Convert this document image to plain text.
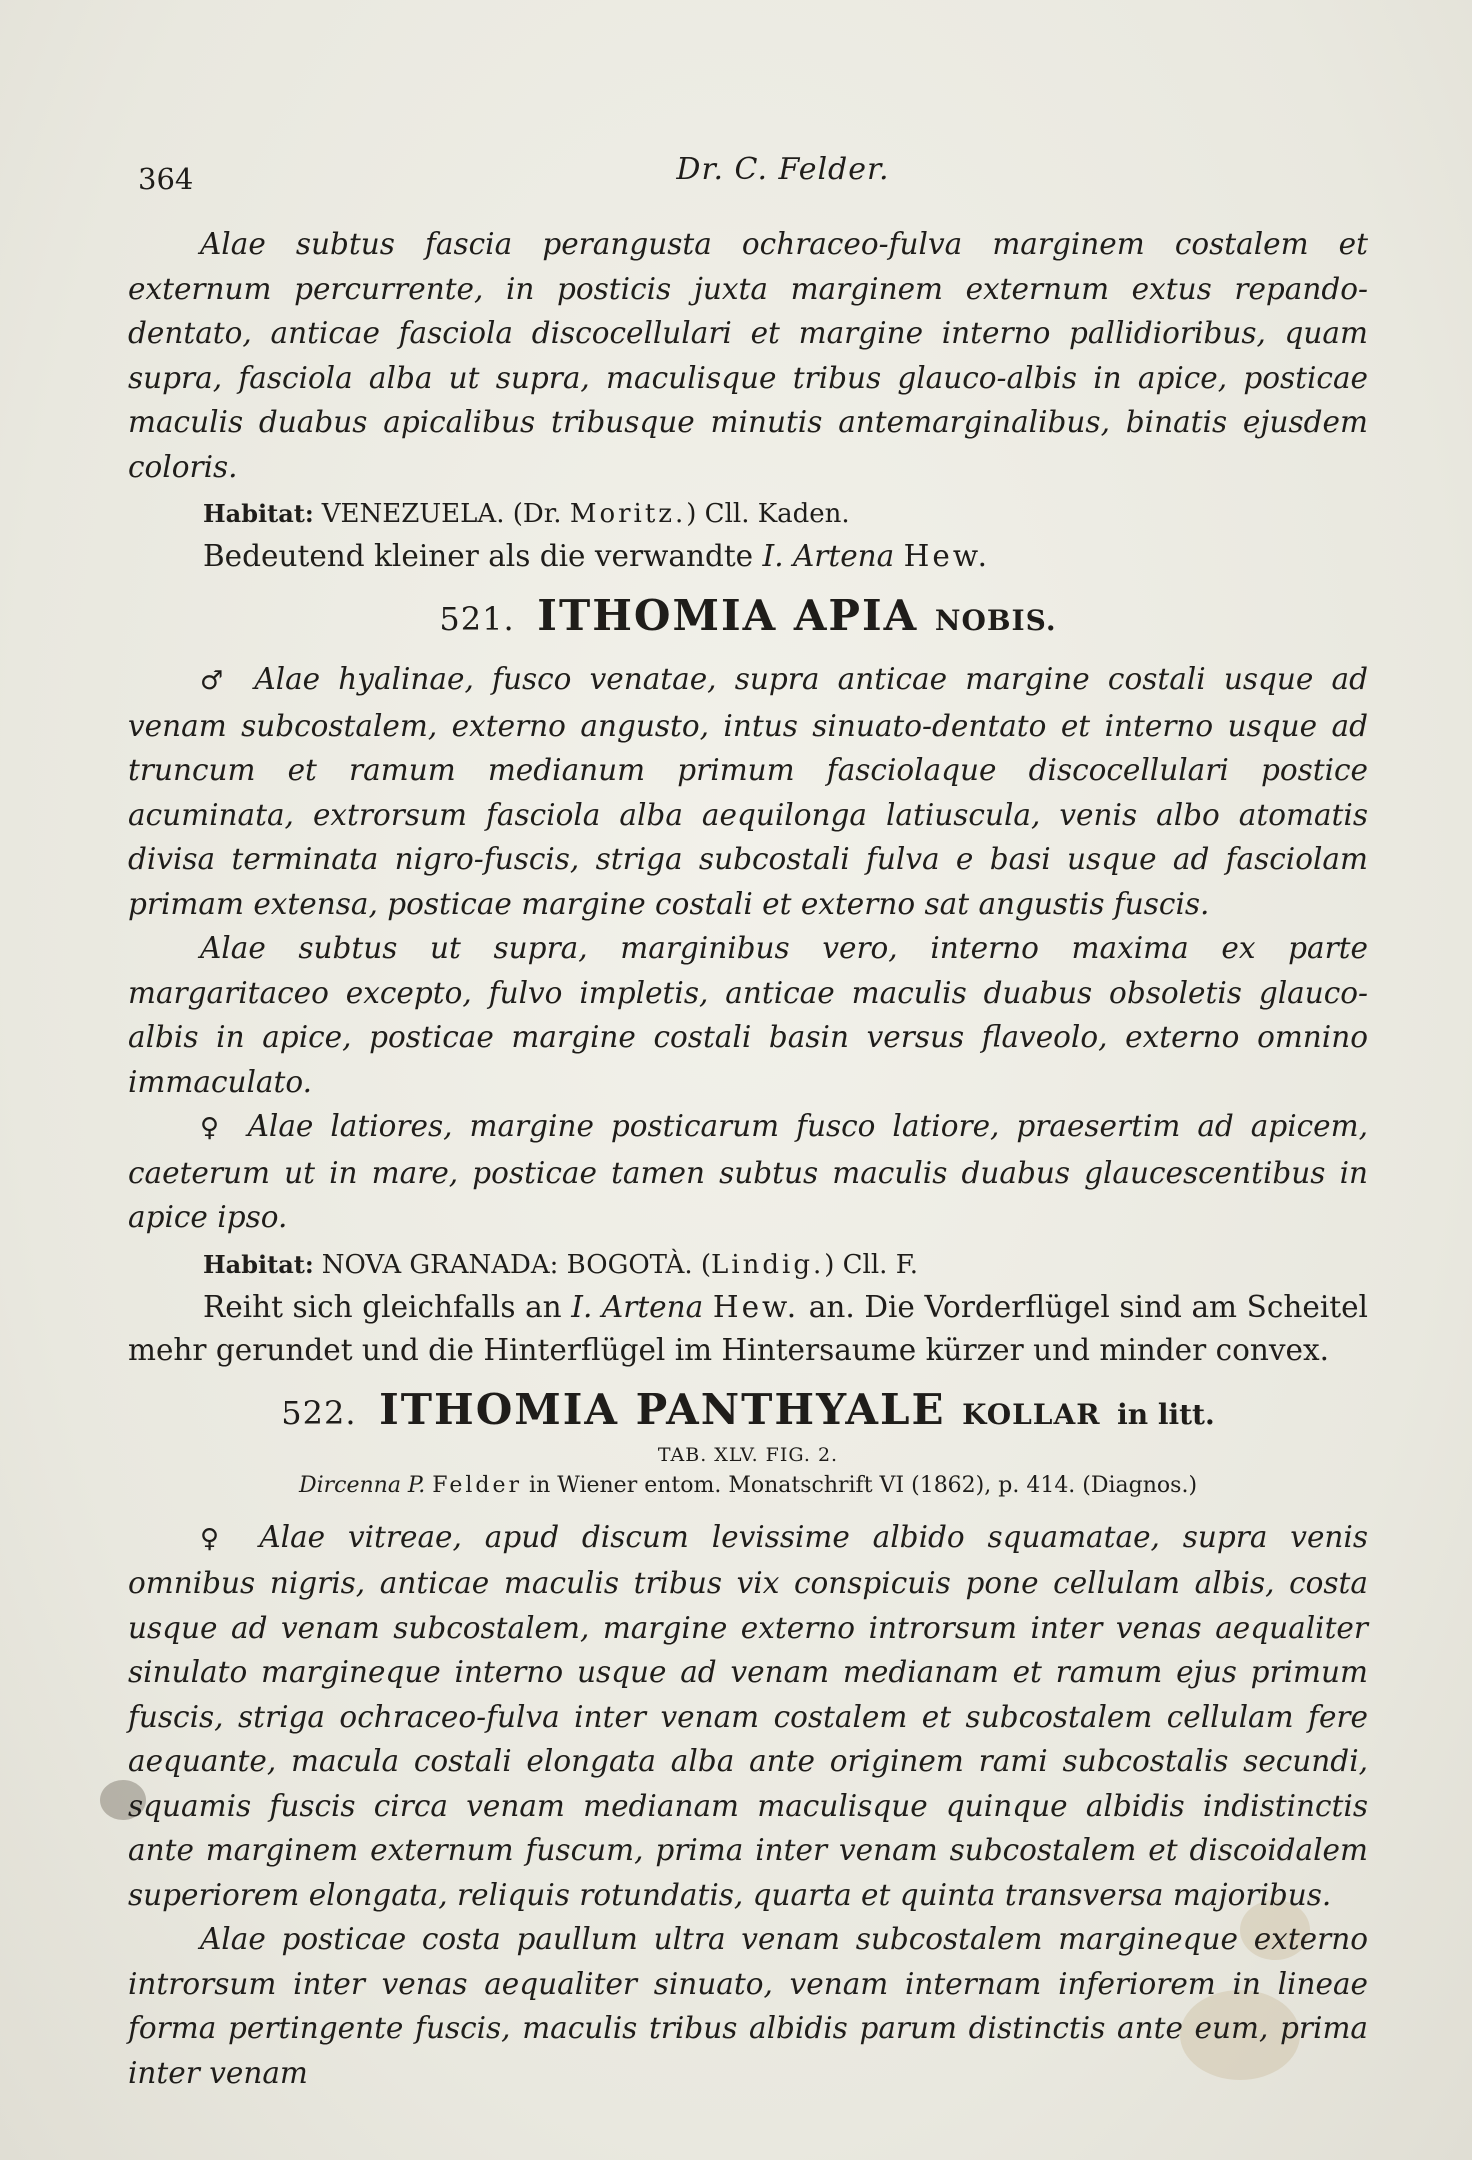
364	Dr. C. Felder.

Alae subtus fascia perangusta ochraceo-fulva marginem costalem et externum percurrente, in posticis juxta marginem externum extus repando-dentato, anticae fasciola discocellulari et margine interno pallidioribus, quam supra, fasciola alba ut supra, maculisque tribus glauco-albis in apice, posticae maculis duabus apicalibus tribusque minutis antemarginalibus, binatis ejusdem coloris.

Habitat: VENEZUELA. (Dr. Moritz.) Cll. Kaden.

Bedeutend kleiner als die verwandte I. Artena Hew.

521. ITHOMIA APIA NOBIS.

♂ Alae hyalinae, fusco venatae, supra anticae margine costali usque ad venam subcostalem, externo angusto, intus sinuato-dentato et interno usque ad truncum et ramum medianum primum fasciolaque discocellulari postice acuminata, extrorsum fasciola alba aequilonga latiuscula, venis albo atomatis divisa terminata nigro-fuscis, striga subcostali fulva e basi usque ad fasciolam primam extensa, posticae margine costali et externo sat angustis fuscis.

Alae subtus ut supra, marginibus vero, interno maxima ex parte margaritaceo excepto, fulvo impletis, anticae maculis duabus obsoletis glauco-albis in apice, posticae margine costali basin versus flaveolo, externo omnino immaculato.

♀ Alae latiores, margine posticarum fusco latiore, praesertim ad apicem, caeterum ut in mare, posticae tamen subtus maculis duabus glaucescentibus in apice ipso.

Habitat: NOVA GRANADA: BOGOTÀ. (Lindig.) Cll. F.

Reiht sich gleichfalls an I. Artena Hew. an. Die Vorderflügel sind am Scheitel mehr gerundet und die Hinterflügel im Hintersaume kürzer und minder convex.

522. ITHOMIA PANTHYALE KOLLAR in litt.
TAB. XLV. FIG. 2.
Dircenna P. Felder in Wiener entom. Monatschrift VI (1862), p. 414. (Diagnos.)

♀ Alae vitreae, apud discum levissime albido squamatae, supra venis omnibus nigris, anticae maculis tribus vix conspicuis pone cellulam albis, costa usque ad venam subcostalem, margine externo introrsum inter venas aequaliter sinulato margineque interno usque ad venam medianam et ramum ejus primum fuscis, striga ochraceo-fulva inter venam costalem et subcostalem cellulam fere aequante, macula costali elongata alba ante originem rami subcostalis secundi, squamis fuscis circa venam medianam maculisque quinque albidis indistinctis ante marginem externum fuscum, prima inter venam subcostalem et discoidalem superiorem elongata, reliquis rotundatis, quarta et quinta transversa majoribus.

Alae posticae costa paullum ultra venam subcostalem margineque externo introrsum inter venas aequaliter sinuato, venam internam inferiorem in lineae forma pertingente fuscis, maculis tribus albidis parum distinctis ante eum, prima inter venam
